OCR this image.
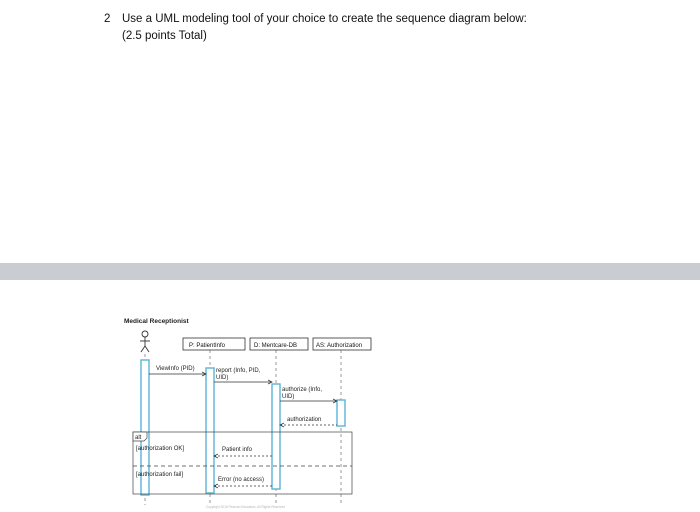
2 Use a UML modeling tool of your choice to create the sequence diagram below:
(2.5 points Total)
Medical Receptionist
P: PatientInfo	D: Mentcare-DB	AS: Authorization
ViewInfo (PID)	report (Info, PID,
UID)
authorize (Info,
UID)
authorization
Patient info
Error (no access)
alt
[authorization OK]
[authorization fail]
Copyright 2016 Pearson Education, All Rights Reserved
